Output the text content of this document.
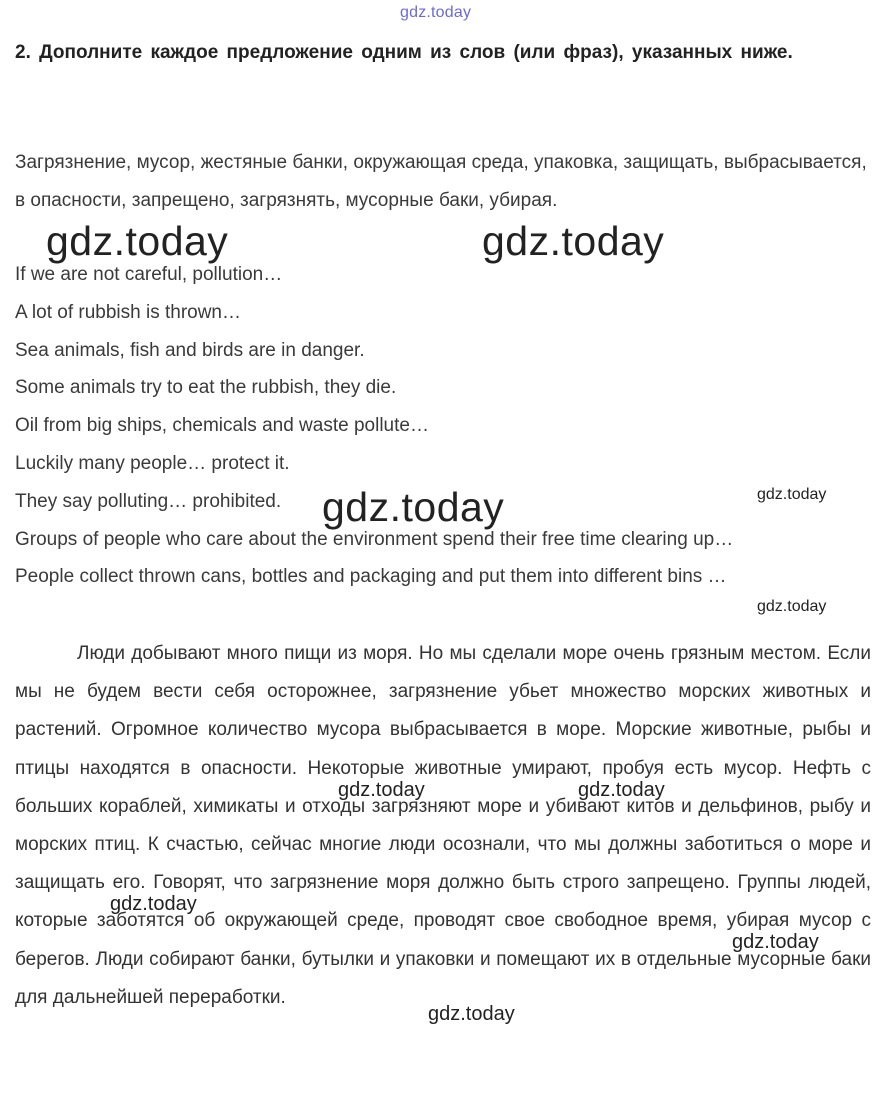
gdz.today
2. Дополните каждое предложение одним из слов (или фраз), указанных ниже.
Загрязнение, мусор, жестяные банки, окружающая среда, упаковка, защищать, выбрасывается, в опасности, запрещено, загрязнять, мусорные баки, убирая.
If we are not careful, pollution…
A lot of rubbish is thrown…
Sea animals, fish and birds are in danger.
Some animals try to eat the rubbish, they die.
Oil from big ships, chemicals and waste pollute…
Luckily many people… protect it.
They say polluting… prohibited.
Groups of people who care about the environment spend their free time clearing up…
People collect thrown cans, bottles and packaging and put them into different bins …

Люди добывают много пищи из моря. Но мы сделали море очень грязным местом. Если мы не будем вести себя осторожнее, загрязнение убьет множество морских животных и растений. Огромное количество мусора выбрасывается в море. Морские животные, рыбы и птицы находятся в опасности. Некоторые животные умирают, пробуя есть мусор. Нефть с больших кораблей, химикаты и отходы загрязняют море и убивают китов и дельфинов, рыбу и морских птиц. К счастью, сейчас многие люди осознали, что мы должны заботиться о море и защищать его. Говорят, что загрязнение моря должно быть строго запрещено. Группы людей, которые заботятся об окружающей среде, проводят свое свободное время, убирая мусор с берегов. Люди собирают банки, бутылки и упаковки и помещают их в отдельные мусорные баки для дальнейшей переработки.

gdz.today	gdz.today
gdz.today	gdz.today
gdz.today
gdz.today	gdz.today
gdz.today
gdz.today
gdz.today
